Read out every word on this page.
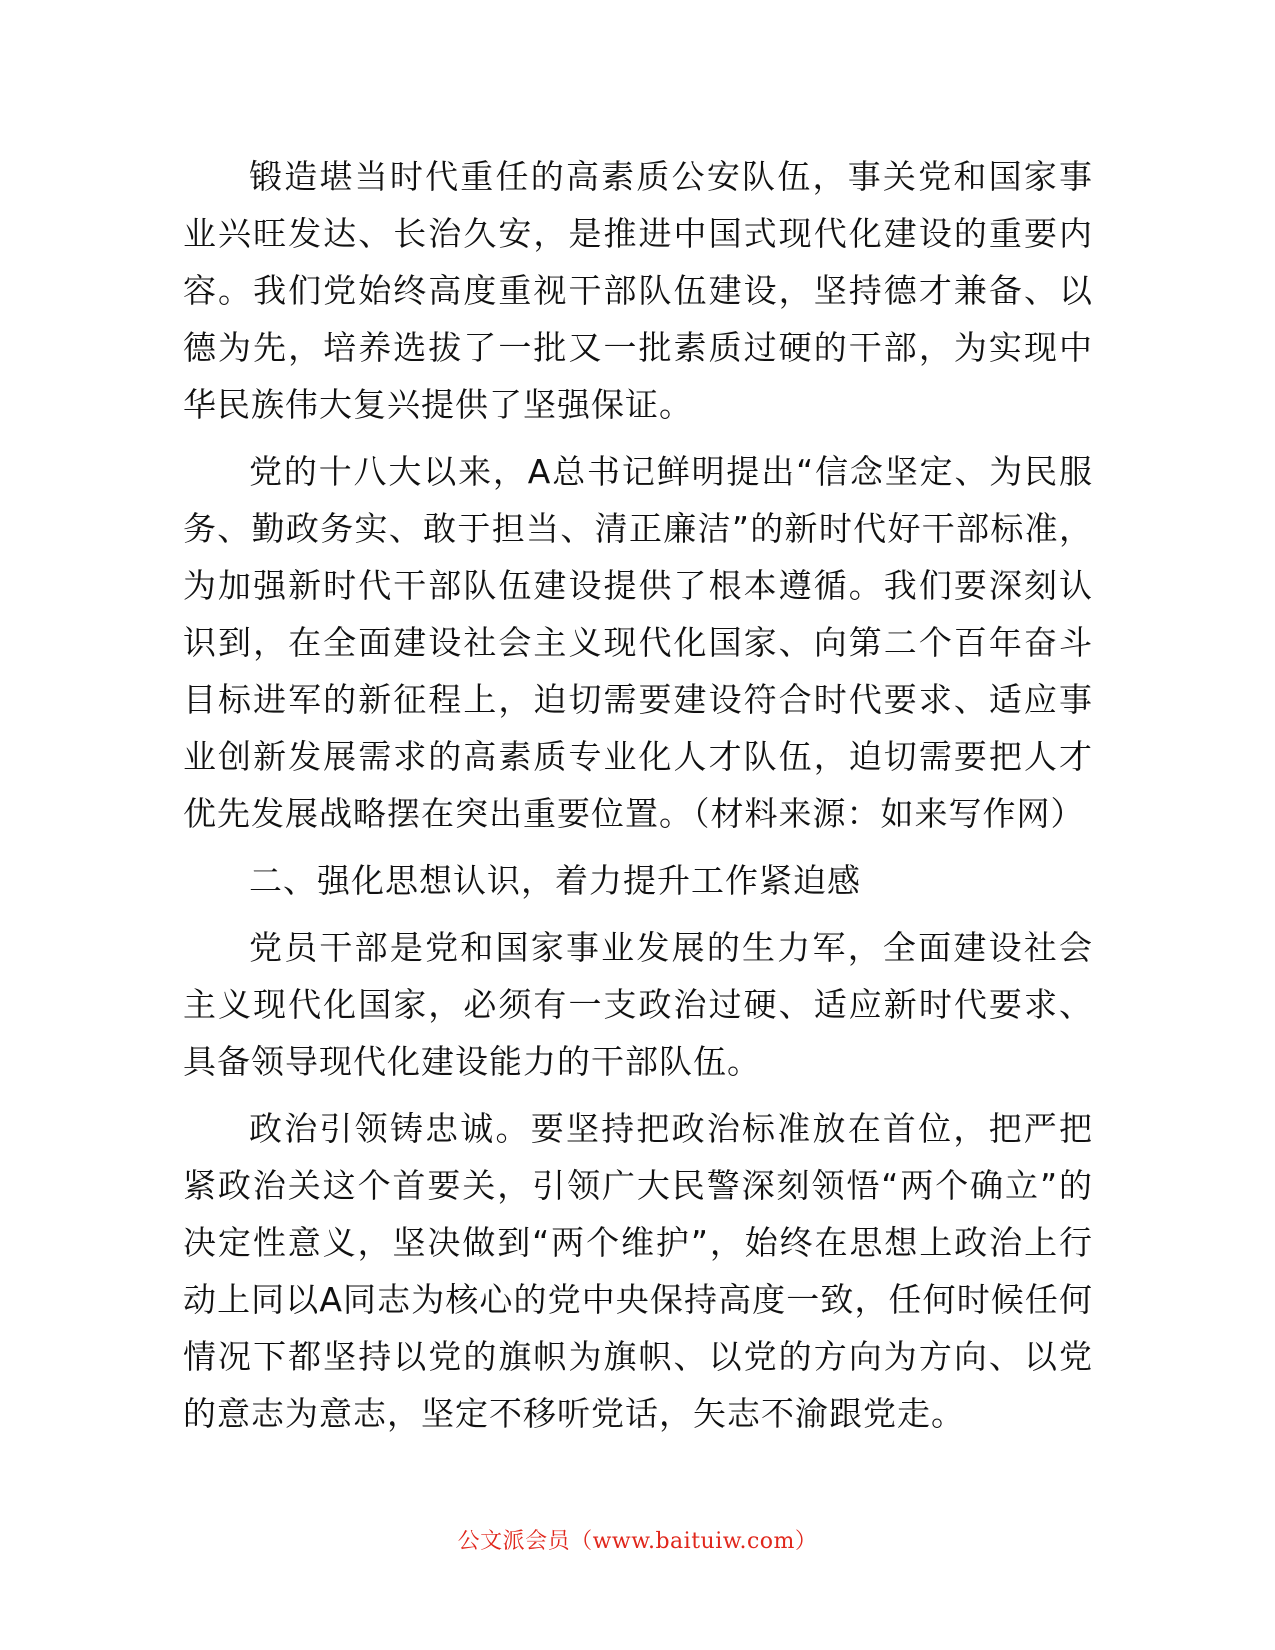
锻造堪当时代重任的高素质公安队伍，事关党和国家事业兴旺发达、长治久安，是推进中国式现代化建设的重要内容。我们党始终高度重视干部队伍建设，坚持德才兼备、以德为先，培养选拔了一批又一批素质过硬的干部，为实现中华民族伟大复兴提供了坚强保证。

党的十八大以来，A总书记鲜明提出“信念坚定、为民服务、勤政务实、敢于担当、清正廉洁”的新时代好干部标准，为加强新时代干部队伍建设提供了根本遵循。我们要深刻认识到，在全面建设社会主义现代化国家、向第二个百年奋斗目标进军的新征程上，迫切需要建设符合时代要求、适应事业创新发展需求的高素质专业化人才队伍，迫切需要把人才优先发展战略摆在突出重要位置。（材料来源：如来写作网）

二、强化思想认识，着力提升工作紧迫感

党员干部是党和国家事业发展的生力军，全面建设社会主义现代化国家，必须有一支政治过硬、适应新时代要求、具备领导现代化建设能力的干部队伍。

政治引领铸忠诚。要坚持把政治标准放在首位，把严把紧政治关这个首要关，引领广大民警深刻领悟“两个确立”的决定性意义，坚决做到“两个维护”，始终在思想上政治上行动上同以A同志为核心的党中央保持高度一致，任何时候任何情况下都坚持以党的旗帜为旗帜、以党的方向为方向、以党的意志为意志，坚定不移听党话，矢志不渝跟党走。

公文派会员（www.baituiw.com）
